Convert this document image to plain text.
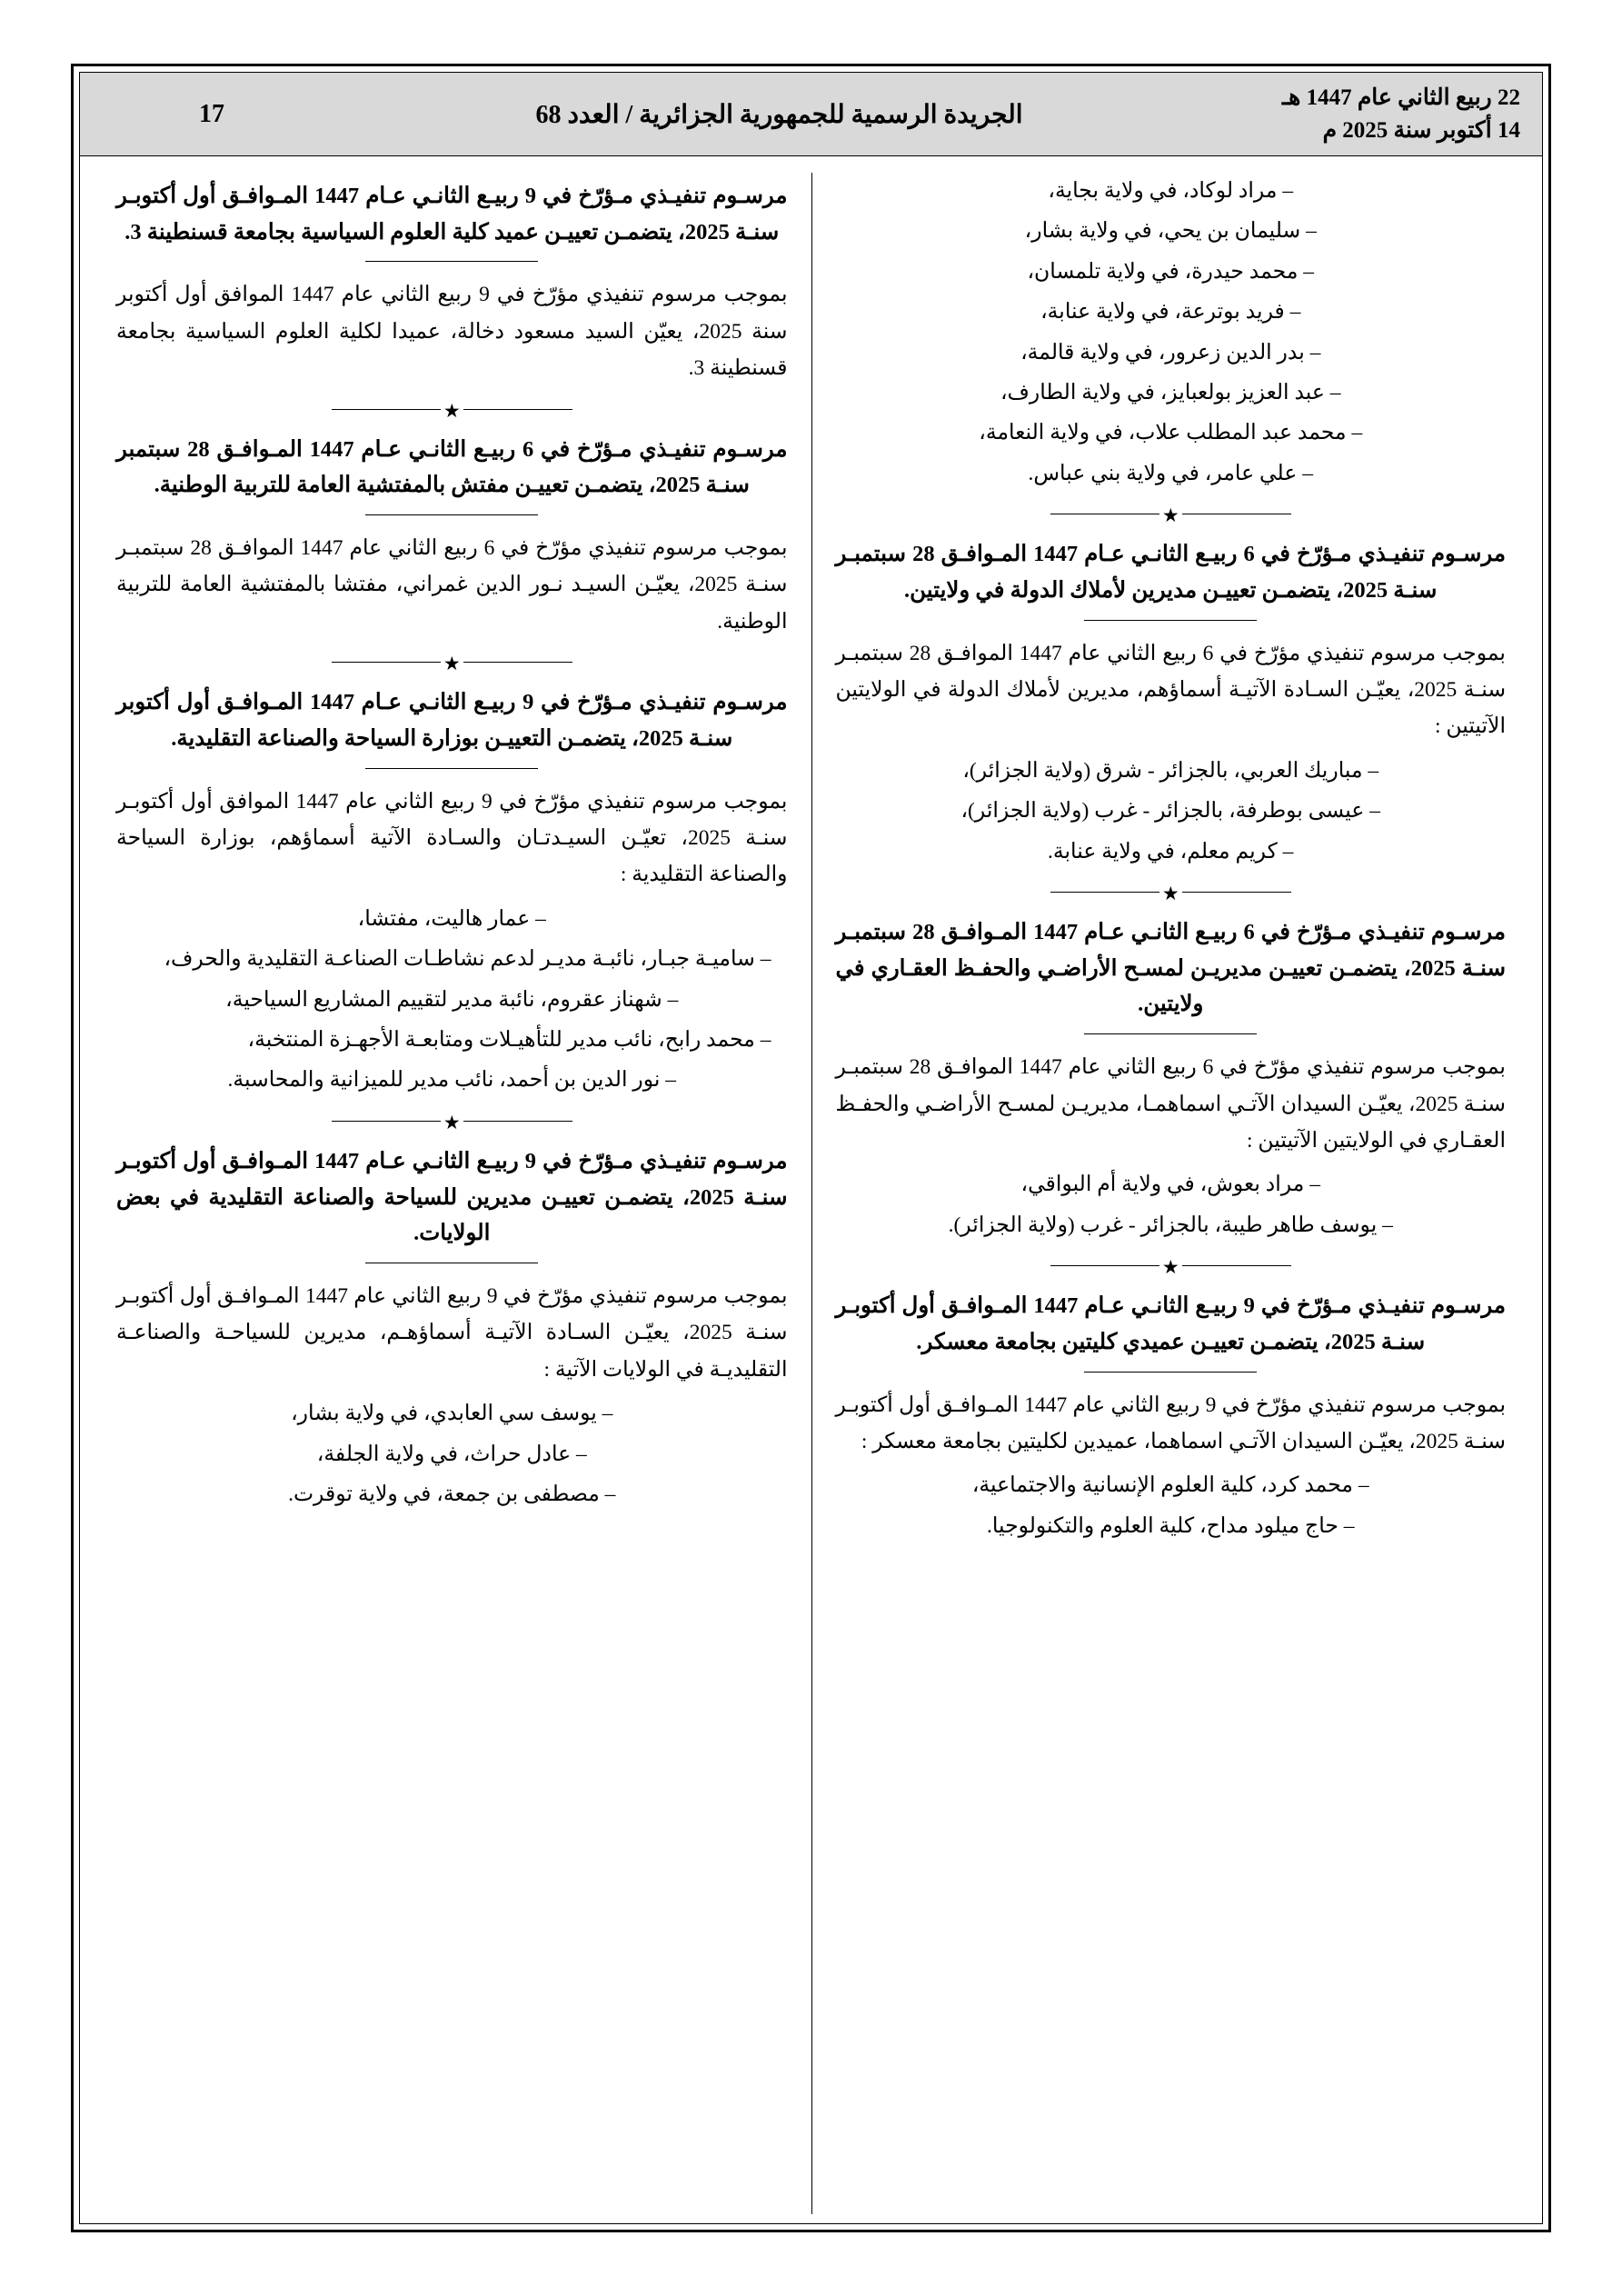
22 ربيع الثاني عام 1447 هـ
14 أكتوبر سنة 2025 م
الجريدة الرسمية للجمهورية الجزائرية / العدد 68
17
– مراد لوكاد، في ولاية بجاية،
– سليمان بن يحي، في ولاية بشار،
– محمد حيدرة، في ولاية تلمسان،
– فريد بوترعة، في ولاية عنابة،
– بدر الدين زعرور، في ولاية قالمة،
– عبد العزيز بولعبايز، في ولاية الطارف،
– محمد عبد المطلب علاب، في ولاية النعامة،
– علي عامر، في ولاية بني عباس.
★
مرسـوم تنفيـذي مـؤرّخ في 6 ربيـع الثانـي عـام 1447 المـوافـق 28 سبتمبـر سنـة 2025، يتضمـن تعييـن مديرين لأملاك الدولة في ولايتين.
بموجب مرسوم تنفيذي مؤرّخ في 6 ربيع الثاني عام 1447 الموافـق 28 سبتمبـر سنـة 2025، يعيّـن السـادة الآتيـة أسماؤهم، مديرين لأملاك الدولة في الولايتين الآتيتين :
– مباريك العربي، بالجزائر - شرق (ولاية الجزائر)،
– عيسى بوطرفة، بالجزائر - غرب (ولاية الجزائر)،
– كريم معلم، في ولاية عنابة.
★
مرسـوم تنفيـذي مـؤرّخ في 6 ربيـع الثانـي عـام 1447 المـوافـق 28 سبتمبـر سنـة 2025، يتضمـن تعييـن مديريـن لمسـح الأراضـي والحفـظ العقـاري في ولايتين.
بموجب مرسوم تنفيذي مؤرّخ في 6 ربيع الثاني عام 1447 الموافـق 28 سبتمبـر سنـة 2025، يعيّـن السيدان الآتـي اسماهمـا، مديريـن لمسـح الأراضـي والحفـظ العقـاري في الولايتين الآتيتين :
– مراد بعوش، في ولاية أم البواقي،
– يوسف طاهر طيبة، بالجزائر - غرب (ولاية الجزائر).
★
مرسـوم تنفيـذي مـؤرّخ في 9 ربيـع الثانـي عـام 1447 المـوافـق أول أكتوبـر سنـة 2025، يتضمـن تعييـن عميدي كليتين بجامعة معسكر.
بموجب مرسوم تنفيذي مؤرّخ في 9 ربيع الثاني عام 1447 المـوافـق أول أكتوبـر سنـة 2025، يعيّـن السيدان الآتـي اسماهما، عميدين لكليتين بجامعة معسكر :
– محمد كرد، كلية العلوم الإنسانية والاجتماعية،
– حاج ميلود مداح، كلية العلوم والتكنولوجيا.
مرسـوم تنفيـذي مـؤرّخ في 9 ربيـع الثانـي عـام 1447 المـوافـق أول أكتوبـر سنـة 2025، يتضمـن تعييـن عميد كلية العلوم السياسية بجامعة قسنطينة 3.
بموجب مرسوم تنفيذي مؤرّخ في 9 ربيع الثاني عام 1447 الموافق أول أكتوبر سنة 2025، يعيّن السيد مسعود دخالة، عميدا لكلية العلوم السياسية بجامعة قسنطينة 3.
★
مرسـوم تنفيـذي مـؤرّخ في 6 ربيـع الثانـي عـام 1447 المـوافـق 28 سبتمبر سنـة 2025، يتضمـن تعييـن مفتش بالمفتشية العامة للتربية الوطنية.
بموجب مرسوم تنفيذي مؤرّخ في 6 ربيع الثاني عام 1447 الموافـق 28 سبتمبـر سنـة 2025، يعيّـن السيـد نـور الدين غمراني، مفتشا بالمفتشية العامة للتربية الوطنية.
★
مرسـوم تنفيـذي مـؤرّخ في 9 ربيـع الثانـي عـام 1447 المـوافـق أول أكتوبر سنـة 2025، يتضمـن التعييـن بوزارة السياحة والصناعة التقليدية.
بموجب مرسوم تنفيذي مؤرّخ في 9 ربيع الثاني عام 1447 الموافق أول أكتوبـر سنـة 2025، تعيّـن السيـدتـان والسـادة الآتية أسماؤهم، بوزارة السياحة والصناعة التقليدية :
– عمار هاليت، مفتشا،
– ساميـة جبـار، نائبـة مديـر لدعم نشاطـات الصناعـة التقليدية والحرف،
– شهناز عقروم، نائبة مدير لتقييم المشاريع السياحية،
– محمد رابح، نائب مدير للتأهيـلات ومتابعـة الأجهـزة المنتخبة،
– نور الدين بن أحمد، نائب مدير للميزانية والمحاسبة.
★
مرسـوم تنفيـذي مـؤرّخ في 9 ربيـع الثانـي عـام 1447 المـوافـق أول أكتوبـر سنـة 2025، يتضمـن تعييـن مديرين للسياحة والصناعة التقليدية في بعض الولايات.
بموجب مرسوم تنفيذي مؤرّخ في 9 ربيع الثاني عام 1447 المـوافـق أول أكتوبـر سنـة 2025، يعيّـن السـادة الآتيـة أسماؤهـم، مديرين للسياحـة والصناعـة التقليديـة في الولايات الآتية :
– يوسف سي العابدي، في ولاية بشار،
– عادل حراث، في ولاية الجلفة،
– مصطفى بن جمعة، في ولاية توقرت.
